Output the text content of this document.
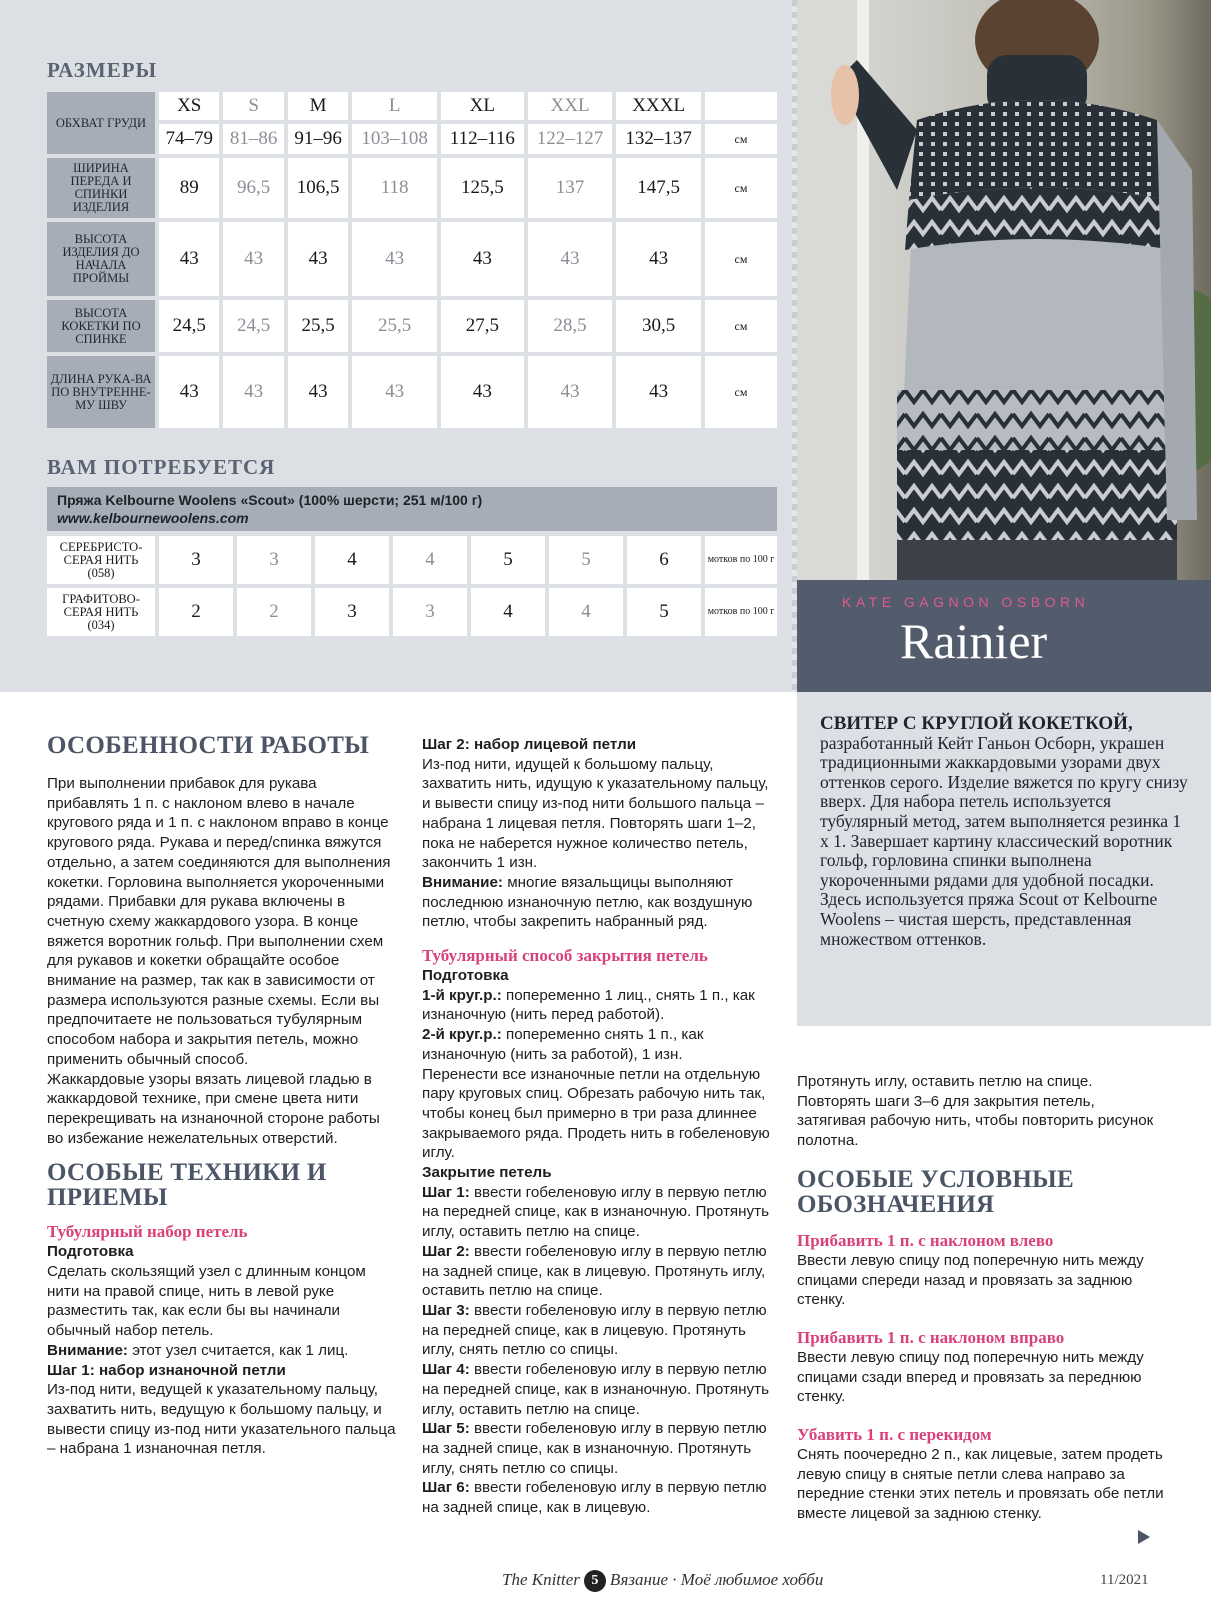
РАЗМЕРЫ
ОБХВАТ ГРУДИ	XS	S	M	L	XL	XXL	XXXL	
	74–79	81–86	91–96	103–108	112–116	122–127	132–137	см
ШИРИНА ПЕРЕДА И СПИНКИ ИЗДЕЛИЯ	89	96,5	106,5	118	125,5	137	147,5	см
ВЫСОТА ИЗДЕЛИЯ ДО НАЧАЛА ПРОЙМЫ	43	43	43	43	43	43	43	см
ВЫСОТА КОКЕТКИ ПО СПИНКЕ	24,5	24,5	25,5	25,5	27,5	28,5	30,5	см
ДЛИНА РУКА-ВА ПО ВНУТРЕННЕ-МУ ШВУ	43	43	43	43	43	43	43	см
ВАМ ПОТРЕБУЕТСЯ
Пряжа Kelbourne Woolens «Scout» (100% шерсти; 251 м/100 г)
www.kelbournewoolens.com
СЕРЕБРИСТО-СЕРАЯ НИТЬ (058)	3	3	4	4	5	5	6	мотков по 100 г
ГРАФИТОВО-СЕРАЯ НИТЬ (034)	2	2	3	3	4	4	5	мотков по 100 г
KATE GAGNON OSBORN
Rainier
СВИТЕР С КРУГЛОЙ КОКЕТКОЙ,
разработанный Кейт Ганьон Осборн, украшен традиционными жаккардовыми узорами двух оттенков серого. Изделие вяжется по кругу снизу вверх. Для набора петель используется тубулярный метод, затем выполняется резинка 1 х 1. Завершает картину классический воротник гольф, горловина спинки выполнена укороченными рядами для удобной посадки. Здесь используется пряжа Scout от Kelbourne Woolens – чистая шерсть, представленная множеством оттенков.
ОСОБЕННОСТИ РАБОТЫ

При выполнении прибавок для рукава прибавлять 1 п. с наклоном влево в начале кругового ряда и 1 п. с наклоном вправо в конце кругового ряда. Рукава и перед/спинка вяжутся отдельно, а затем соединяются для выполнения кокетки. Горловина выполняется укороченными рядами. Прибавки для рукава включены в счетную схему жаккардового узора. В конце вяжется воротник гольф. При выполнении схем для рукавов и кокетки обращайте особое внимание на размер, так как в зависимости от размера используются разные схемы. Если вы предпочитаете не пользоваться тубулярным способом набора и закрытия петель, можно применить обычный способ.

Жаккардовые узоры вязать лицевой гладью в жаккардовой технике, при смене цвета нити перекрещивать на изнаночной стороне работы во избежание нежелательных отверстий.

ОСОБЫЕ ТЕХНИКИ И ПРИЕМЫ
Тубулярный набор петель
Подготовка

Сделать скользящий узел с длинным концом нити на правой спице, нить в левой руке разместить так, как если бы вы начинали обычный набор петель.

Внимание: этот узел считается, как 1 лиц.

Шаг 1: набор изнаночной петли

Из-под нити, ведущей к указательному пальцу, захватить нить, ведущую к большому пальцу, и вывести спицу из-под нити указательного пальца – набрана 1 изнаночная петля.

Шаг 2: набор лицевой петли

Из-под нити, идущей к большому пальцу, захватить нить, идущую к указательному пальцу, и вывести спицу из-под нити большого пальца – набрана 1 лицевая петля. Повторять шаги 1–2, пока не наберется нужное количество петель, закончить 1 изн.

Внимание: многие вязальщицы выполняют последнюю изнаночную петлю, как воздушную петлю, чтобы закрепить набранный ряд.

Тубулярный способ закрытия петель
Подготовка

1-й круг.р.: попеременно 1 лиц., снять 1 п., как изнаночную (нить перед работой).

2-й круг.р.: попеременно снять 1 п., как изнаночную (нить за работой), 1 изн.

Перенести все изнаночные петли на отдельную пару круговых спиц. Обрезать рабочую нить так, чтобы конец был примерно в три раза длиннее закрываемого ряда. Продеть нить в гобеленовую иглу.

Закрытие петель

Шаг 1: ввести гобеленовую иглу в первую петлю на передней спице, как в изнаночную. Протянуть иглу, оставить петлю на спице.

Шаг 2: ввести гобеленовую иглу в первую петлю на задней спице, как в лицевую. Протянуть иглу, оставить петлю на спице.

Шаг 3: ввести гобеленовую иглу в первую петлю на передней спице, как в лицевую. Протянуть иглу, снять петлю со спицы.

Шаг 4: ввести гобеленовую иглу в первую петлю на передней спице, как в изнаночную. Протянуть иглу, оставить петлю на спице.

Шаг 5: ввести гобеленовую иглу в первую петлю на задней спице, как в изнаночную. Протянуть иглу, снять петлю со спицы.

Шаг 6: ввести гобеленовую иглу в первую петлю на задней спице, как в лицевую.

Протянуть иглу, оставить петлю на спице. Повторять шаги 3–6 для закрытия петель, затягивая рабочую нить, чтобы повторить рисунок полотна.

ОСОБЫЕ УСЛОВНЫЕ ОБОЗНАЧЕНИЯ
Прибавить 1 п. с наклоном влево

Ввести левую спицу под поперечную нить между спицами спереди назад и провязать за заднюю стенку.

Прибавить 1 п. с наклоном вправо

Ввести левую спицу под поперечную нить между спицами сзади вперед и провязать за переднюю стенку.

Убавить 1 п. с перекидом

Снять поочередно 2 п., как лицевые, затем продеть левую спицу в снятые петли слева направо за передние стенки этих петель и провязать обе петли вместе лицевой за заднюю стенку.

The Knitter 5 Вязание · Моё любимое хобби	11/2021
